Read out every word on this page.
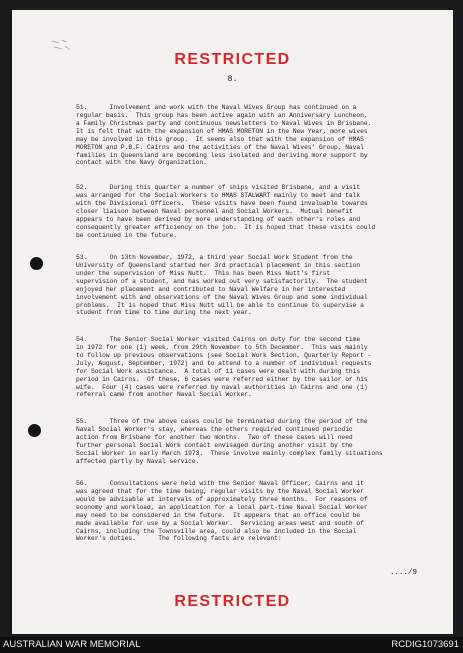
RESTRICTED
8.

51.      Involvement and work with the Naval Wives Group has continued on a
regular basis.  This group has been active again with an Anniversary Luncheon,
a Family Christmas party and continuous newsletters to Naval Wives in Brisbane.
It is felt that with the expansion of HMAS MORETON in the New Year, more wives
may be involved in this group.  It seems also that with the expansion of HMAS
MORETON and P.B.F. Cairns and the activities of the Naval Wives' Group, Naval
families in Queensland are becoming less isolated and deriving more support by
contact with the Navy Organization.

52.      During this quarter a number of ships visited Brisbane, and a visit
was arranged for the Social Workers to HMAS STALWART mainly to meet and talk
with the Divisional Officers.  These visits have been found invaluable towards
closer liaison between Naval personnel and Social Workers.  Mutual benefit
appears to have been derived by more understanding of each other's roles and
consequently greater efficiency on the job.  It is hoped that these visits could
be continued in the future.

53.      On 13th November, 1972, a third year Social Work Student from the
University of Queensland started her 3rd practical placement in this section
under the supervision of Miss Nutt.  This has been Miss Nutt's first
supervision of a student, and has worked out very satisfactorily.  The student
enjoyed her placement and contributed to Naval Welfare in her interested
involvement with and observations of the Naval Wives Group and some individual
problems.  It is hoped that Miss Nutt will be able to continue to supervise a
student from time to time during the next year.

54.      The Senior Social Worker visited Cairns on duty for the second time
in 1972 for one (1) week, from 29th November to 5th December.  This was mainly
to follow up previous observations (see Social Work Section, Quarterly Report -
July, August, September, 1972) and to attend to a number of individual requests
for Social Work assistance.  A total of 11 cases were dealt with during this
period in Cairns.  Of these, 6 cases were referred either by the sailor or his
wife.  Four (4) cases were referred by naval authorities in Cairns and one (1)
referral came from another Naval Social Worker.

55.      Three of the above cases could be terminated during the period of the
Naval Social Worker's stay, whereas the others required continued periodic
action from Brisbane for another two months.  Two of these cases will need
further personal Social Work contact envisaged during another visit by the
Social Worker in early March 1973.  These involve mainly complex family situations
affected partly by Naval service.

56.      Consultations were held with the Senior Naval Officer, Cairns and it
was agreed that for the time being, regular visits by the Naval Social Worker
would be advisable at intervals of approximately three months.  For reasons of
economy and workload, an application for a local part-time Naval Social Worker
may need to be considered in the future.  It appears that an office could be
made available for use by a Social Worker.  Servicing areas west and south of
Cairns, including the Townsville area, could also be included in the Social
Worker's duties.      The following facts are relevant:

..../9
RESTRICTED
AUSTRALIAN WAR MEMORIAL	RCDIG1073691
